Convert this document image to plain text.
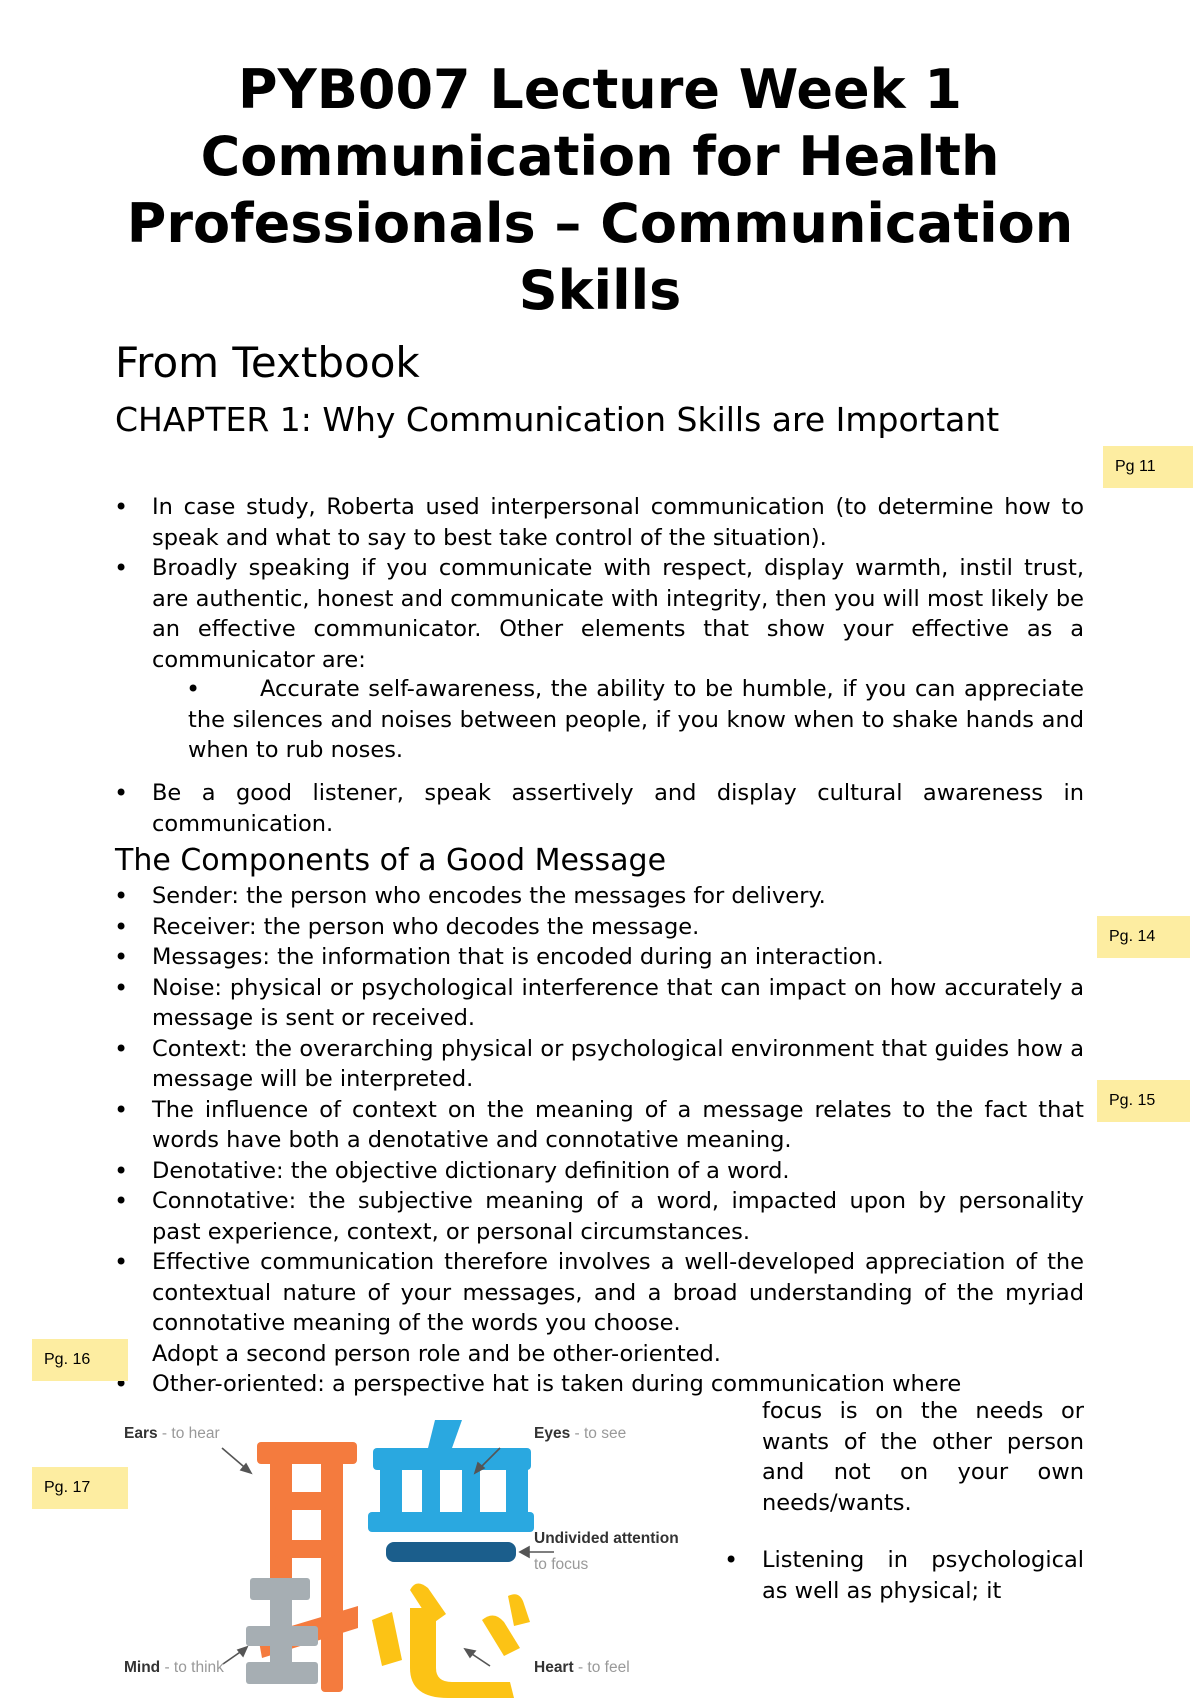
PYB007 Lecture Week 1 Communication for Health Professionals – Communication Skills
From Textbook
CHAPTER 1: Why Communication Skills are Important
• In case study, Roberta used interpersonal communication (to determine how to speak and what to say to best take control of the situation).
• Broadly speaking if you communicate with respect, display warmth, instil trust, are authentic, honest and communicate with integrity, then you will most likely be an effective communicator. Other elements that show your effective as a communicator are:
• Accurate self-awareness, the ability to be humble, if you can appreciate the silences and noises between people, if you know when to shake hands and when to rub noses.
• Be a good listener, speak assertively and display cultural awareness in communication.
The Components of a Good Message
• Sender: the person who encodes the messages for delivery.
• Receiver: the person who decodes the message.
• Messages: the information that is encoded during an interaction.
• Noise: physical or psychological interference that can impact on how accurately a message is sent or received.
• Context: the overarching physical or psychological environment that guides how a message will be interpreted.
• The influence of context on the meaning of a message relates to the fact that words have both a denotative and connotative meaning.
• Denotative: the objective dictionary definition of a word.
• Connotative: the subjective meaning of a word, impacted upon by personality past experience, context, or personal circumstances.
• Effective communication therefore involves a well-developed appreciation of the contextual nature of your messages, and a broad understanding of the myriad connotative meaning of the words you choose.
• Adopt a second person role and be other-oriented.
• Other-oriented: a perspective hat is taken during communication where

focus is on the needs or wants of the other person and not on your own needs/wants.

• Listening in psychological as well as physical; it
Pg 11
Pg. 14
Pg. 15
Pg. 16
Pg. 17
Ears - to hear	Eyes - to see
Undivided attention
to focus
Mind - to think	Heart - to feel
